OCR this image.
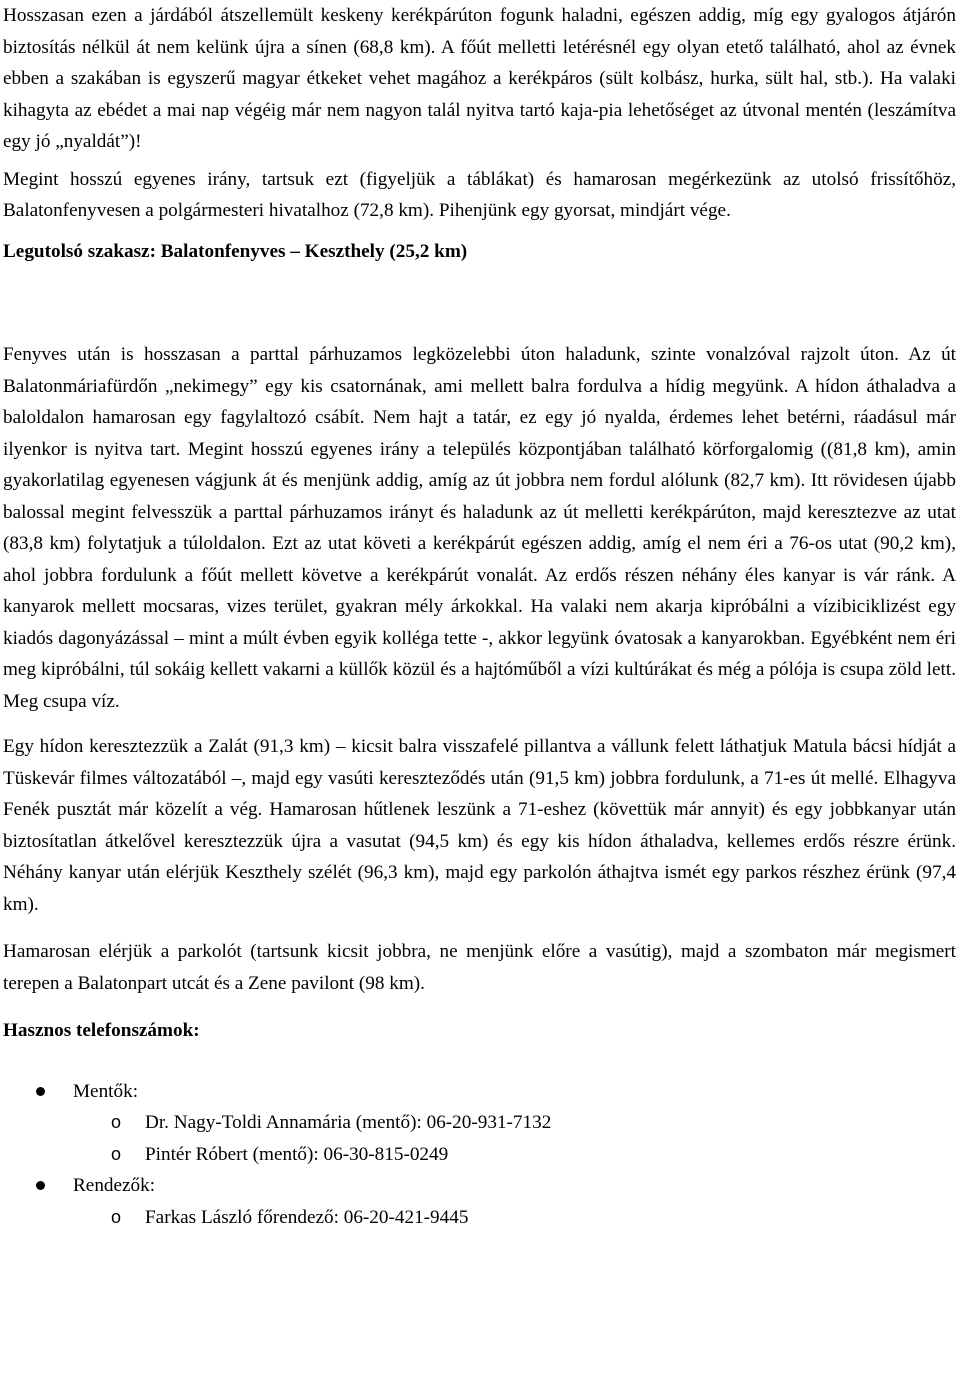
Hosszasan ezen a járdából átszellemült keskeny kerékpárúton fogunk haladni, egészen addig, míg egy gyalogos átjárón biztosítás nélkül át nem kelünk újra a sínen (68,8 km). A főút melletti letérésnél egy olyan etető található, ahol az évnek ebben a szakában is egyszerű magyar étkeket vehet magához a kerékpáros (sült kolbász, hurka, sült hal, stb.). Ha valaki kihagyta az ebédet a mai nap végéig már nem nagyon talál nyitva tartó kaja-pia lehetőséget az útvonal mentén (leszámítva egy jó „nyaldát”)!

Megint hosszú egyenes irány, tartsuk ezt (figyeljük a táblákat) és hamarosan megérkezünk az utolsó frissítőhöz, Balatonfenyvesen a polgármesteri hivatalhoz (72,8 km). Pihenjünk egy gyorsat, mindjárt vége.

Legutolsó szakasz: Balatonfenyves – Keszthely (25,2 km)

Fenyves után is hosszasan a parttal párhuzamos legközelebbi úton haladunk, szinte vonalzóval rajzolt úton. Az út Balatonmáriafürdőn „nekimegy” egy kis csatornának, ami mellett balra fordulva a hídig megyünk. A hídon áthaladva a baloldalon hamarosan egy fagylaltozó csábít. Nem hajt a tatár, ez egy jó nyalda, érdemes lehet betérni, ráadásul már ilyenkor is nyitva tart. Megint hosszú egyenes irány a település központjában található körforgalomig ((81,8 km), amin gyakorlatilag egyenesen vágjunk át és menjünk addig, amíg az út jobbra nem fordul alólunk (82,7 km). Itt rövidesen újabb balossal megint felvesszük a parttal párhuzamos irányt és haladunk az út melletti kerékpárúton, majd keresztezve az utat (83,8 km) folytatjuk a túloldalon. Ezt az utat követi a kerékpárút egészen addig, amíg el nem éri a 76-os utat (90,2 km), ahol jobbra fordulunk a főút mellett követve a kerékpárút vonalát. Az erdős részen néhány éles kanyar is vár ránk. A kanyarok mellett mocsaras, vizes terület, gyakran mély árkokkal. Ha valaki nem akarja kipróbálni a vízibiciklizést egy kiadós dagonyázással – mint a múlt évben egyik kolléga tette -, akkor legyünk óvatosak a kanyarokban. Egyébként nem éri meg kipróbálni, túl sokáig kellett vakarni a küllők közül és a hajtóműből a vízi kultúrákat és még a pólója is csupa zöld lett. Meg csupa víz.

Egy hídon keresztezzük a Zalát (91,3 km) – kicsit balra visszafelé pillantva a vállunk felett láthatjuk Matula bácsi hídját a Tüskevár filmes változatából –, majd egy vasúti kereszteződés után (91,5 km) jobbra fordulunk, a 71-es út mellé. Elhagyva Fenék pusztát már közelít a vég. Hamarosan hűtlenek leszünk a 71-eshez (követtük már annyit) és egy jobbkanyar után biztosítatlan átkelővel keresztezzük újra a vasutat (94,5 km) és egy kis hídon áthaladva, kellemes erdős részre érünk. Néhány kanyar után elérjük Keszthely szélét (96,3 km), majd egy parkolón áthajtva ismét egy parkos részhez érünk (97,4 km).

Hamarosan elérjük a parkolót (tartsunk kicsit jobbra, ne menjünk előre a vasútig), majd a szombaton már megismert terepen a Balatonpart utcát és a Zene pavilont (98 km).

Hasznos telefonszámok:

Mentők:
o Dr. Nagy-Toldi Annamária (mentő): 06-20-931-7132
o Pintér Róbert (mentő): 06-30-815-0249
Rendezők:
o Farkas László főrendező: 06-20-421-9445
